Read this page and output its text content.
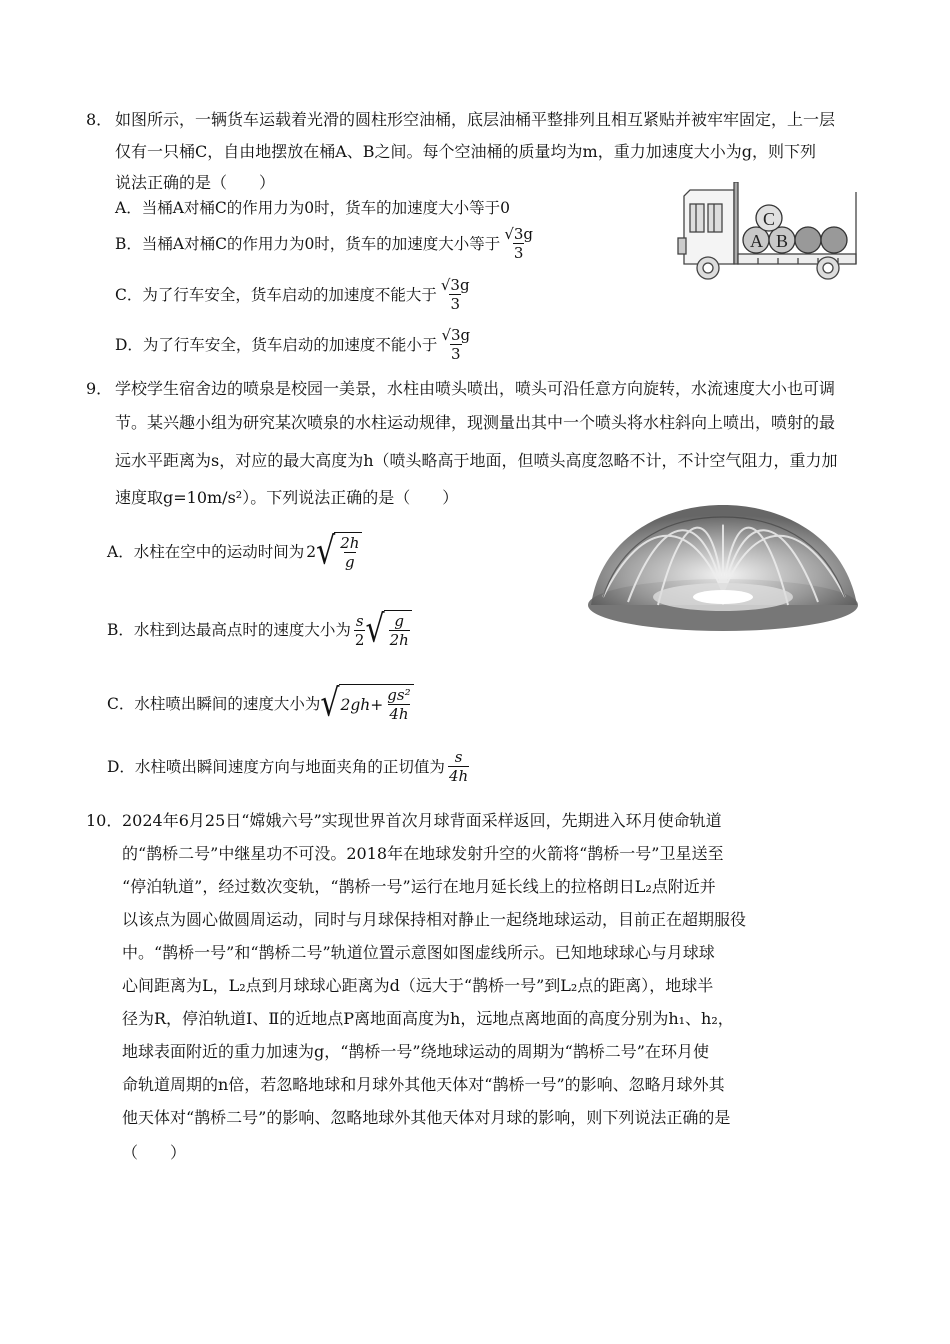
8． 如图所示，一辆货车运载着光滑的圆柱形空油桶，底层油桶平整排列且相互紧贴并被牢牢固定，上一层
仅有一只桶C，自由地摆放在桶A、B之间。每个空油桶的质量均为m，重力加速度大小为g，则下列
说法正确的是（　　）
A．当桶A对桶C的作用力为0时，货车的加速度大小等于0
B．当桶A对桶C的作用力为0时，货车的加速度大小等于 $\frac{√3g}{3}$
C．为了行车安全，货车启动的加速度不能大于 $\frac{√3g}{3}$
D．为了行车安全，货车启动的加速度不能小于 $\frac{√3g}{3}$
C
A B
9． 学校学生宿舍边的喷泉是校园一美景，水柱由喷头喷出，喷头可沿任意方向旋转，水流速度大小也可调
节。某兴趣小组为研究某次喷泉的水柱运动规律，现测量出其中一个喷头将水柱斜向上喷出，喷射的最
远水平距离为s，对应的最大高度为h（喷头略高于地面，但喷头高度忽略不计，不计空气阻力，重力加
速度取g=10m/s²）。下列说法正确的是（　　）
A．水柱在空中的运动时间为 2 √ $\frac{2h}{g}$
B．水柱到达最高点时的速度大小为 $\frac{s}{2}$ √ $\frac{g}{2h}$
C．水柱喷出瞬间的速度大小为 √ $2gh+ \frac{\text{gs²}}{4h}$
D．水柱喷出瞬间速度方向与地面夹角的正切值为 $\frac{s}{4h}$
10． 2024年6月25日“嫦娥六号”实现世界首次月球背面采样返回，先期进入环月使命轨道
的“鹊桥二号”中继星功不可没。2018年在地球发射升空的火箭将“鹊桥一号”卫星送至
“停泊轨道”，经过数次变轨，“鹊桥一号”运行在地月延长线上的拉格朗日L₂点附近并
以该点为圆心做圆周运动，同时与月球保持相对静止一起绕地球运动，目前正在超期服役
中。“鹊桥一号”和“鹊桥二号”轨道位置示意图如图虚线所示。已知地球球心与月球球
心间距离为L，L₂点到月球球心距离为d（远大于“鹊桥一号”到L₂点的距离），地球半
径为R，停泊轨道Ⅰ、Ⅱ的近地点P离地面高度为h，远地点离地面的高度分别为h₁、h₂，
地球表面附近的重力加速为g，“鹊桥一号”绕地球运动的周期为“鹊桥二号”在环月使
命轨道周期的n倍，若忽略地球和月球外其他天体对“鹊桥一号”的影响、忽略月球外其
他天体对“鹊桥二号”的影响、忽略地球外其他天体对月球的影响，则下列说法正确的是
（　　）
